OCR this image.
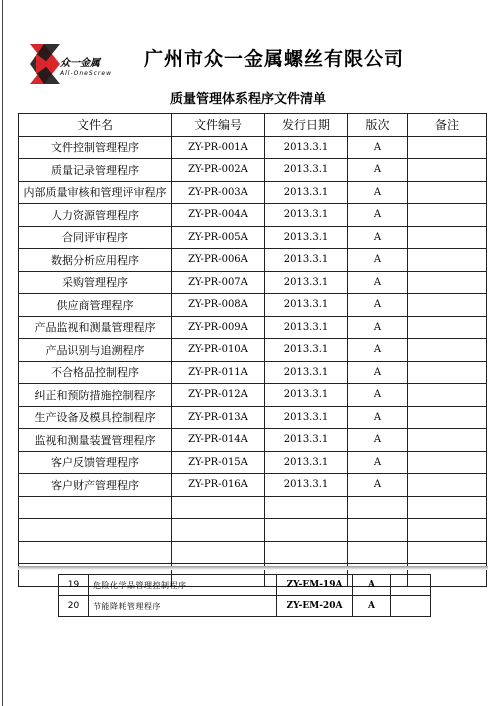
众一金属
All-OneScrew
广州市众一金属螺丝有限公司
质量管理体系程序文件清单
文件名	文件编号	发行日期	版次	备注
文件控制管理程序	ZY-PR-001A	2013.3.1	A	
质量记录管理程序	ZY-PR-002A	2013.3.1	A	
内部质量审核和管理评审程序	ZY-PR-003A	2013.3.1	A	
人力资源管理程序	ZY-PR-004A	2013.3.1	A	
合同评审程序	ZY-PR-005A	2013.3.1	A	
数据分析应用程序	ZY-PR-006A	2013.3.1	A	
采购管理程序	ZY-PR-007A	2013.3.1	A	
供应商管理程序	ZY-PR-008A	2013.3.1	A	
产品监视和测量管理程序	ZY-PR-009A	2013.3.1	A	
产品识别与追溯程序	ZY-PR-010A	2013.3.1	A	
不合格品控制程序	ZY-PR-011A	2013.3.1	A	
纠正和预防措施控制程序	ZY-PR-012A	2013.3.1	A	
生产设备及模具控制程序	ZY-PR-013A	2013.3.1	A	
监视和测量装置管理程序	ZY-PR-014A	2013.3.1	A	
客户反馈管理程序	ZY-PR-015A	2013.3.1	A	
客户财产管理程序	ZY-PR-016A	2013.3.1	A	

19	危险化学品管理控制程序	ZY-EM-19A	A	
20	节能降耗管理程序	ZY-EM-20A	A	
